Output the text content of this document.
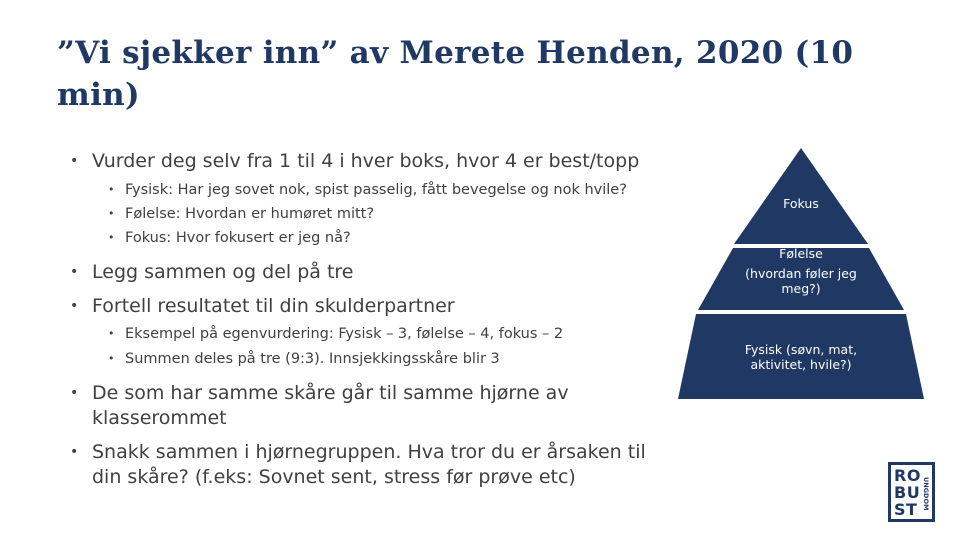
”Vi sjekker inn” av Merete Henden, 2020 (10 min)
• Vurder deg selv fra 1 til 4 i hver boks, hvor 4 er best/topp
• Fysisk: Har jeg sovet nok, spist passelig, fått bevegelse og nok hvile?
• Følelse: Hvordan er humøret mitt?
• Fokus: Hvor fokusert er jeg nå?
• Legg sammen og del på tre
• Fortell resultatet til din skulderpartner
• Eksempel på egenvurdering: Fysisk – 3, følelse – 4, fokus – 2
• Summen deles på tre (9:3). Innsjekkingsskåre blir 3
• De som har samme skåre går til samme hjørne av klasserommet
• Snakk sammen i hjørnegruppen. Hva tror du er årsaken til din skåre? (f.eks: Sovnet sent, stress før prøve etc)
Fokus
Følelse
(hvordan føler jeg meg?)
Fysisk (søvn, mat, aktivitet, hvile?)
RO
BU
ST UNGDOM
